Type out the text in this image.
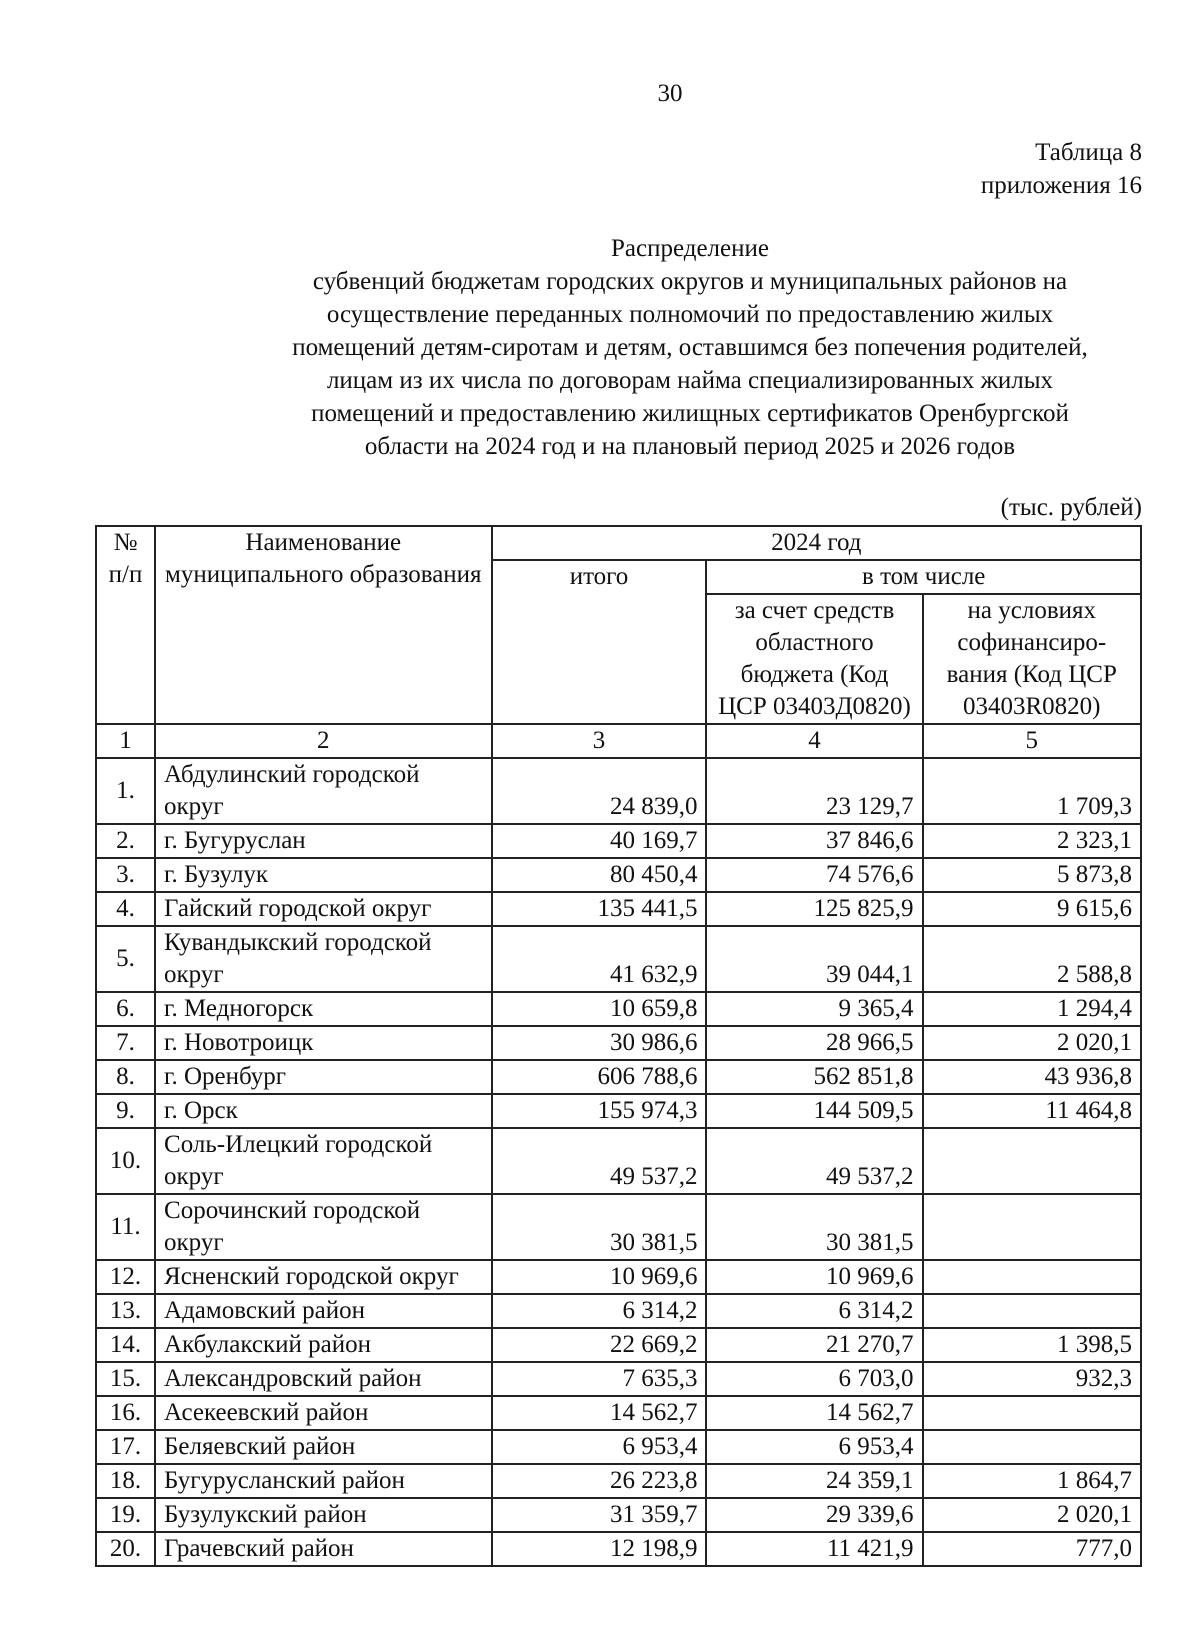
30
Таблица 8
приложения 16
Распределение
субвенций бюджетам городских округов и муниципальных районов на
осуществление переданных полномочий по предоставлению жилых
помещений детям-сиротам и детям, оставшимся без попечения родителей,
лицам из их числа по договорам найма специализированных жилых
помещений и предоставлению жилищных сертификатов Оренбургской
области на 2024 год и на плановый период 2025 и 2026 годов
(тыс. рублей)
№ п/п	Наименование муниципального образования	2024 год		
		итого	в том числе	
			за счет средств областного бюджета (Код ЦСР 03403Д0820)	на условиях софинансиро-вания (Код ЦСР 03403R0820)
1	2	3	4	5
1.	Абдулинский городской округ	24 839,0	23 129,7	1 709,3
2.	г. Бугуруслан	40 169,7	37 846,6	2 323,1
3.	г. Бузулук	80 450,4	74 576,6	5 873,8
4.	Гайский городской округ	135 441,5	125 825,9	9 615,6
5.	Кувандыкский городской округ	41 632,9	39 044,1	2 588,8
6.	г. Медногорск	10 659,8	9 365,4	1 294,4
7.	г. Новотроицк	30 986,6	28 966,5	2 020,1
8.	г. Оренбург	606 788,6	562 851,8	43 936,8
9.	г. Орск	155 974,3	144 509,5	11 464,8
10.	Соль-Илецкий городской округ	49 537,2	49 537,2	
11.	Сорочинский городской округ	30 381,5	30 381,5	
12.	Ясненский городской округ	10 969,6	10 969,6	
13.	Адамовский район	6 314,2	6 314,2	
14.	Акбулакский район	22 669,2	21 270,7	1 398,5
15.	Александровский район	7 635,3	6 703,0	932,3
16.	Асекеевский район	14 562,7	14 562,7	
17.	Беляевский район	6 953,4	6 953,4	
18.	Бугурусланский район	26 223,8	24 359,1	1 864,7
19.	Бузулукский район	31 359,7	29 339,6	2 020,1
20.	Грачевский район	12 198,9	11 421,9	777,0
